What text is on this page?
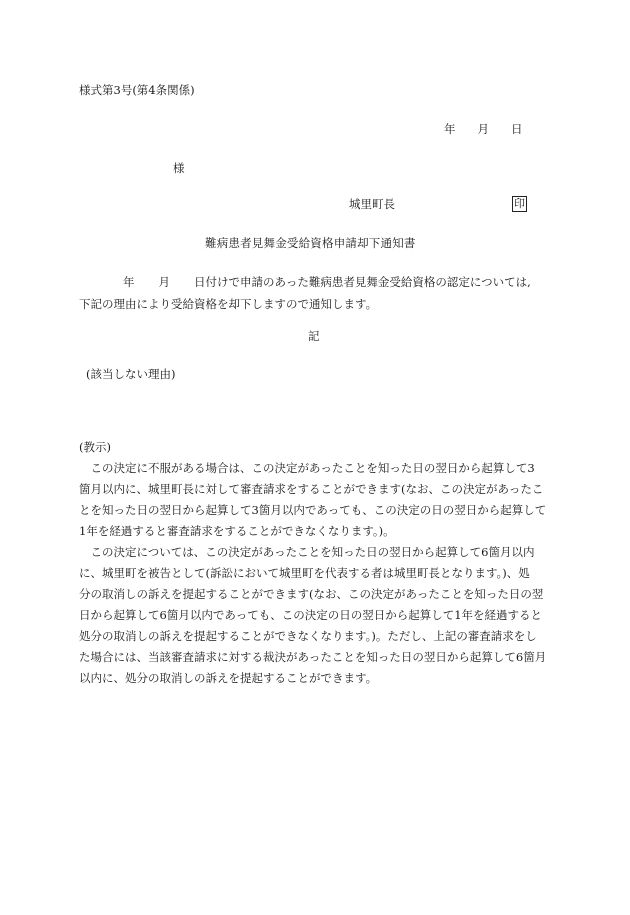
様式第3号(第4条関係)
年 月 日
様
城里町長	印
難病患者見舞金受給資格申請却下通知書
年 月 日付けで申請のあった難病患者見舞金受給資格の認定については,
下記の理由により受給資格を却下しますので通知します。
記
(該当しない理由)
(教示)
　この決定に不服がある場合は、この決定があったことを知った日の翌日から起算して3
箇月以内に、城里町長に対して審査請求をすることができます(なお、この決定があったこ
とを知った日の翌日から起算して3箇月以内であっても、この決定の日の翌日から起算して
1年を経過すると審査請求をすることができなくなります。)。
　この決定については、この決定があったことを知った日の翌日から起算して6箇月以内
に、城里町を被告として(訴訟において城里町を代表する者は城里町長となります。)、処
分の取消しの訴えを提起することができます(なお、この決定があったことを知った日の翌
日から起算して6箇月以内であっても、この決定の日の翌日から起算して1年を経過すると
処分の取消しの訴えを提起することができなくなります。)。ただし、上記の審査請求をし
た場合には、当該審査請求に対する裁決があったことを知った日の翌日から起算して6箇月
以内に、処分の取消しの訴えを提起することができます。
